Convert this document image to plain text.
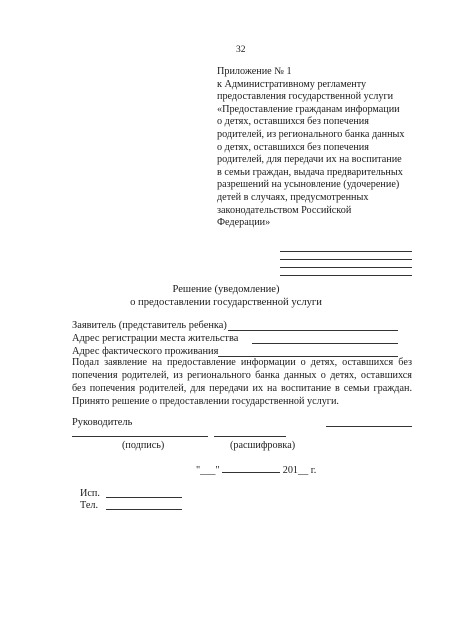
32
Приложение № 1
к Административному регламенту
предоставления государственной услуги
«Предоставление гражданам информации
о детях, оставшихся без попечения
родителей, из регионального банка данных
о детях, оставшихся без попечения
родителей, для передачи их на воспитание
в семьи граждан, выдача предварительных
разрешений на усыновление (удочерение)
детей в случаях, предусмотренных
законодательством Российской
Федерации»
Решение (уведомление)
о предоставлении государственной услуги
Заявитель (представитель ребенка)
Адрес регистрации места жительства
Адрес фактического проживания
Подал заявление на предоставление информации о детях, оставшихся без
попечения родителей, из регионального банка данных о детях, оставшихся
без попечения родителей, для передачи их на воспитание в семьи граждан.
Принято решение о предоставлении государственной услуги.
Руководитель
(подпись)	(расшифровка)
"___"	201__ г.
Исп.
Тел.
